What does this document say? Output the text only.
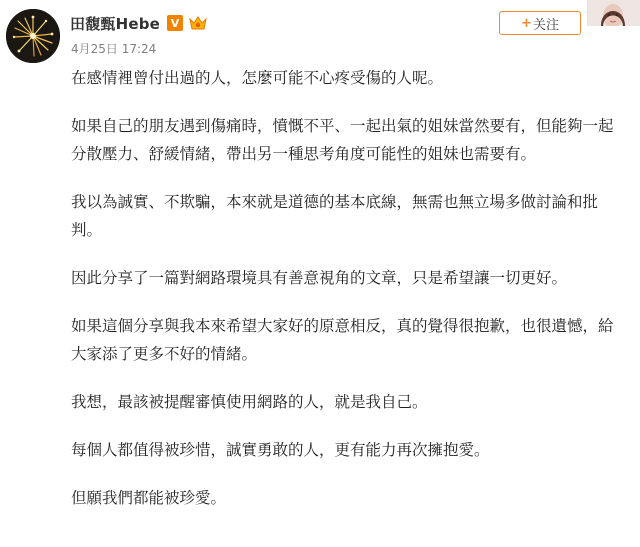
田馥甄Hebe V
4月25日 17:24
+ 关注

在感情裡曾付出過的人，怎麼可能不心疼受傷的人呢。

如果自己的朋友遇到傷痛時，憤慨不平、一起出氣的姐妹當然要有，但能夠一起分散壓力、舒緩情緒，帶出另一種思考角度可能性的姐妹也需要有。

我以為誠實、不欺騙，本來就是道德的基本底線，無需也無立場多做討論和批判。

因此分享了一篇對網路環境具有善意視角的文章，只是希望讓一切更好。

如果這個分享與我本來希望大家好的原意相反，真的覺得很抱歉，也很遺憾，給大家添了更多不好的情緒。

我想，最該被提醒審慎使用網路的人，就是我自己。

每個人都值得被珍惜，誠實勇敢的人，更有能力再次擁抱愛。

但願我們都能被珍愛。
